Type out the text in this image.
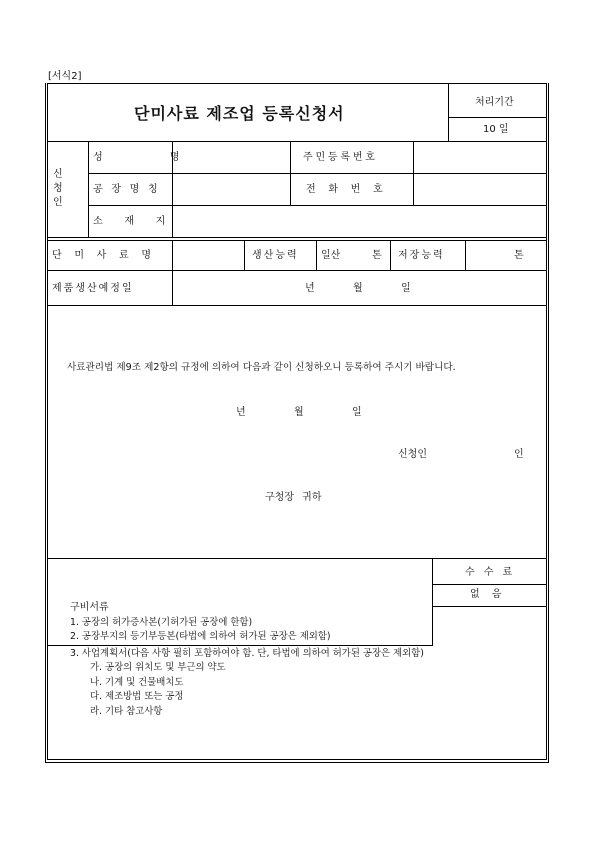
[서식2]
단미사료 제조업 등록신청서
처리기간
10 일
신
청
인
성 명	주민등록번호
공 장 명 칭	전 화 번 호
소 재 지
단 미 사 료 명	생산능력 일산	톤 저장능력	톤
제품생산예정일	년	월	일
사료관리법 제9조 제2항의 규정에 의하여 다음과 같이 신청하오니 등록하여 주시기 바랍니다.
년	월	일
신청인	인
구청장 귀하
수 수 료
없 음
구비서류
1. 공장의 허가증사본(기허가된 공장에 한함)
2. 공장부지의 등기부등본(타법에 의하여 허가된 공장은 제외함)
3. 사업계획서(다음 사항 필히 포함하여야 함. 단, 타법에 의하여 허가된 공장은 제외함)
가. 공장의 위치도 및 부근의 약도
나. 기계 및 건물배치도
다. 제조방법 또는 공정
라. 기타 참고사항
